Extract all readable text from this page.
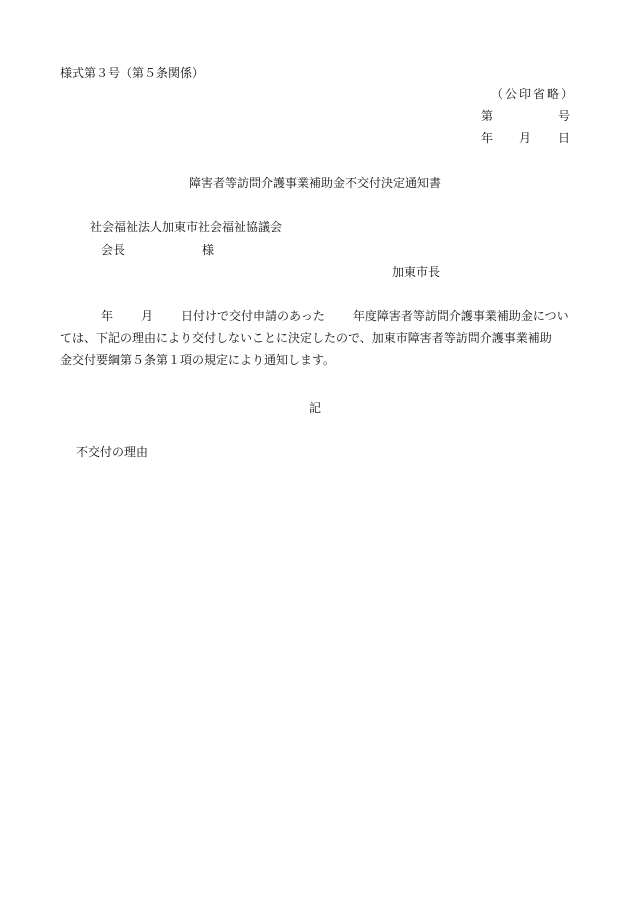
様式第３号（第５条関係）
（公印省略）
第	号
年 月 日
障害者等訪問介護事業補助金不交付決定通知書
社会福祉法人加東市社会福祉協議会
会長	様
加東市長
年 月 日付けで交付申請のあった 年度障害者等訪問介護事業補助金につい
ては、下記の理由により交付しないことに決定したので、加東市障害者等訪問介護事業補助
金交付要綱第５条第１項の規定により通知します。
記
不交付の理由
